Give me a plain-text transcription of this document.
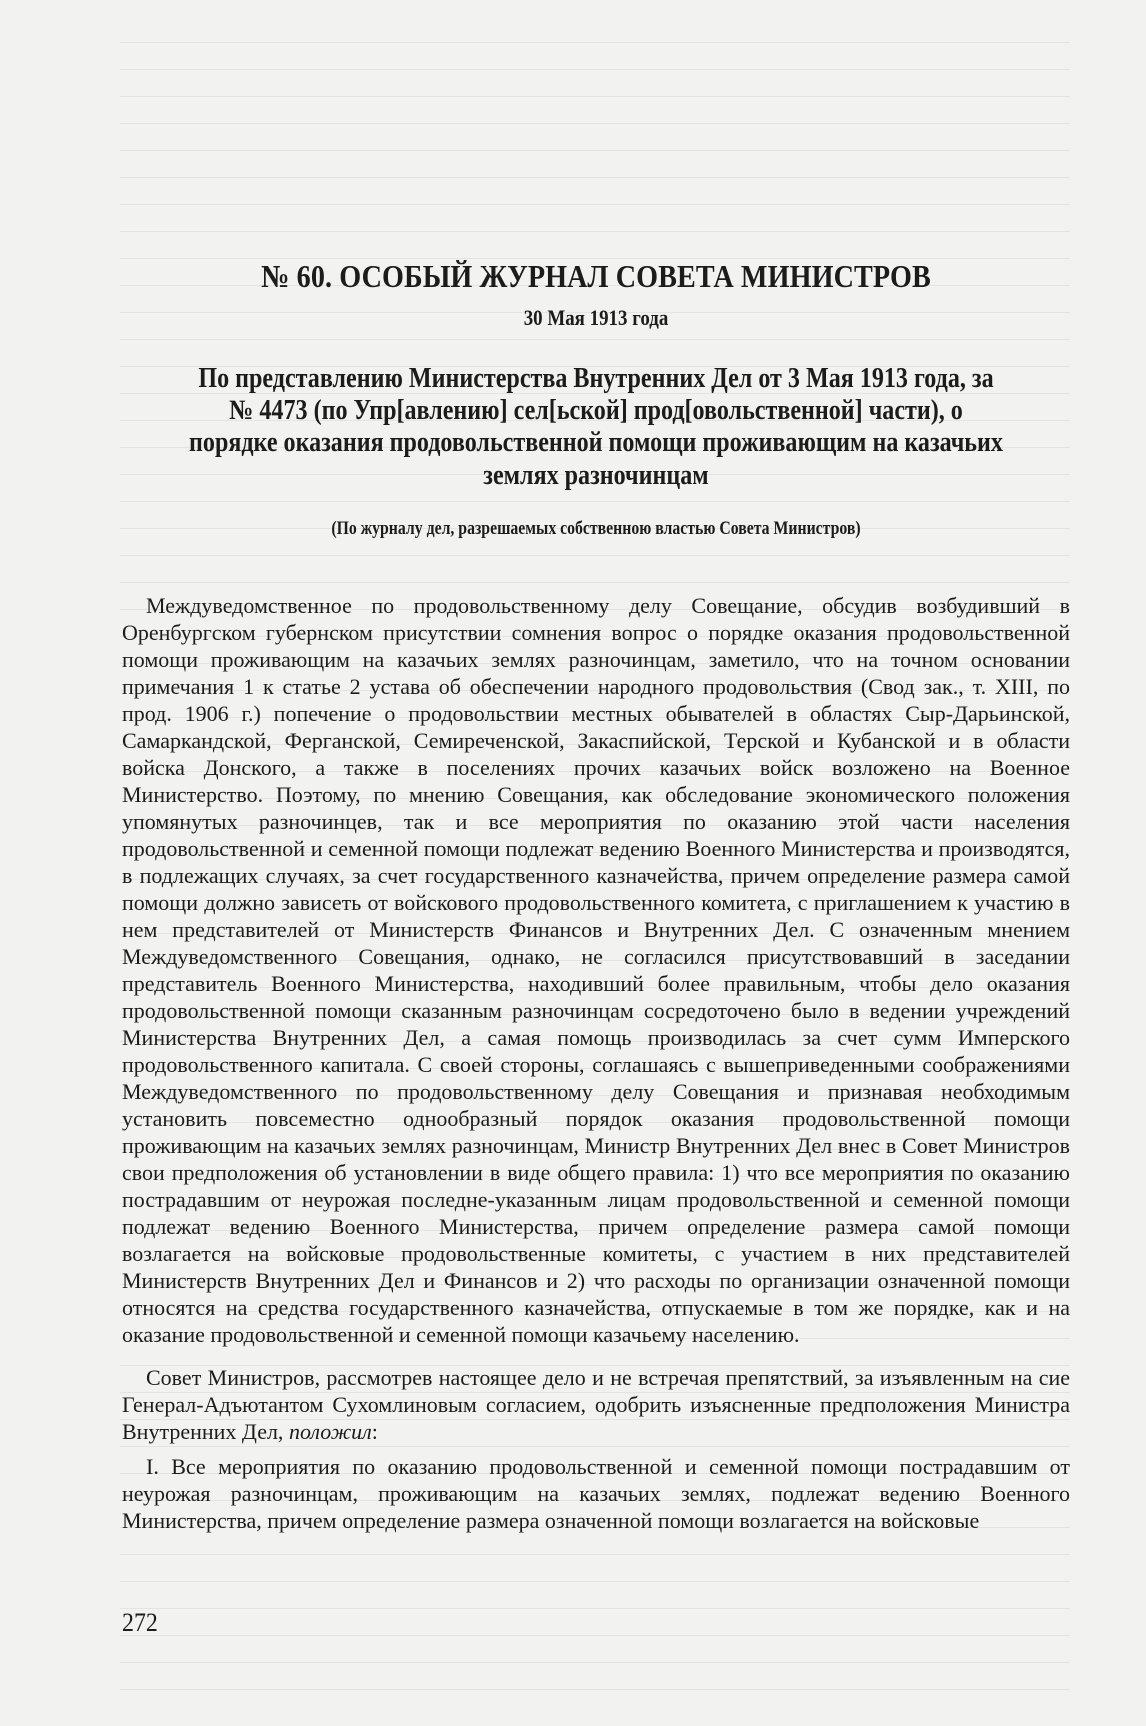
№ 60. ОСОБЫЙ ЖУРНАЛ СОВЕТА МИНИСТРОВ
30 Мая 1913 года
По представлению Министерства Внутренних Дел от 3 Мая 1913 года, за № 4473 (по Упр[авлению] сел[ьской] прод[овольственной] части), о порядке оказания продовольственной помощи проживающим на казачьих землях разночинцам
(По журналу дел, разрешаемых собственною властью Совета Министров)

Междуведомственное по продовольственному делу Совещание, обсудив возбудивший в Оренбургском губернском присутствии сомнения вопрос о порядке оказания продовольственной помощи проживающим на казачьих землях разночинцам, заметило, что на точном основании примечания 1 к статье 2 устава об обеспечении народного продовольствия (Свод зак., т. XIII, по прод. 1906 г.) попечение о продовольствии местных обывателей в областях Сыр-Дарьинской, Самаркандской, Ферганской, Семиреченской, Закаспийской, Терской и Кубанской и в области войска Донского, а также в поселениях прочих казачьих войск возложено на Военное Министерство. Поэтому, по мнению Совещания, как обследование экономического положения упомянутых разночинцев, так и все мероприятия по оказанию этой части населения продовольственной и семенной помощи подлежат ведению Военного Министерства и производятся, в подлежащих случаях, за счет государственного казначейства, причем определение размера самой помощи должно зависеть от войскового продовольственного комитета, с приглашением к участию в нем представителей от Министерств Финансов и Внутренних Дел. С означенным мнением Междуведомственного Совещания, однако, не согласился присутствовавший в заседании представитель Военного Министерства, находивший более правильным, чтобы дело оказания продовольственной помощи сказанным разночинцам сосредоточено было в ведении учреждений Министерства Внутренних Дел, а самая помощь производилась за счет сумм Имперского продовольственного капитала. С своей стороны, соглашаясь с вышеприведенными соображениями Междуведомственного по продовольственному делу Совещания и признавая необходимым установить повсеместно однообразный порядок оказания продовольственной помощи проживающим на казачьих землях разночинцам, Министр Внутренних Дел внес в Совет Министров свои предположения об установлении в виде общего правила: 1) что все мероприятия по оказанию пострадавшим от неурожая последне-указанным лицам продовольственной и семенной помощи подлежат ведению Военного Министерства, причем определение размера самой помощи возлагается на войсковые продовольственные комитеты, с участием в них представителей Министерств Внутренних Дел и Финансов и 2) что расходы по организации означенной помощи относятся на средства государственного казначейства, отпускаемые в том же порядке, как и на оказание продовольственной и семенной помощи казачьему населению.

Совет Министров, рассмотрев настоящее дело и не встречая препятствий, за изъявленным на сие Генерал-Адъютантом Сухомлиновым согласием, одобрить изъясненные предположения Министра Внутренних Дел, положил:

I. Все мероприятия по оказанию продовольственной и семенной помощи пострадавшим от неурожая разночинцам, проживающим на казачьих землях, подлежат ведению Военного Министерства, причем определение размера означенной помощи возлагается на войсковые

272
